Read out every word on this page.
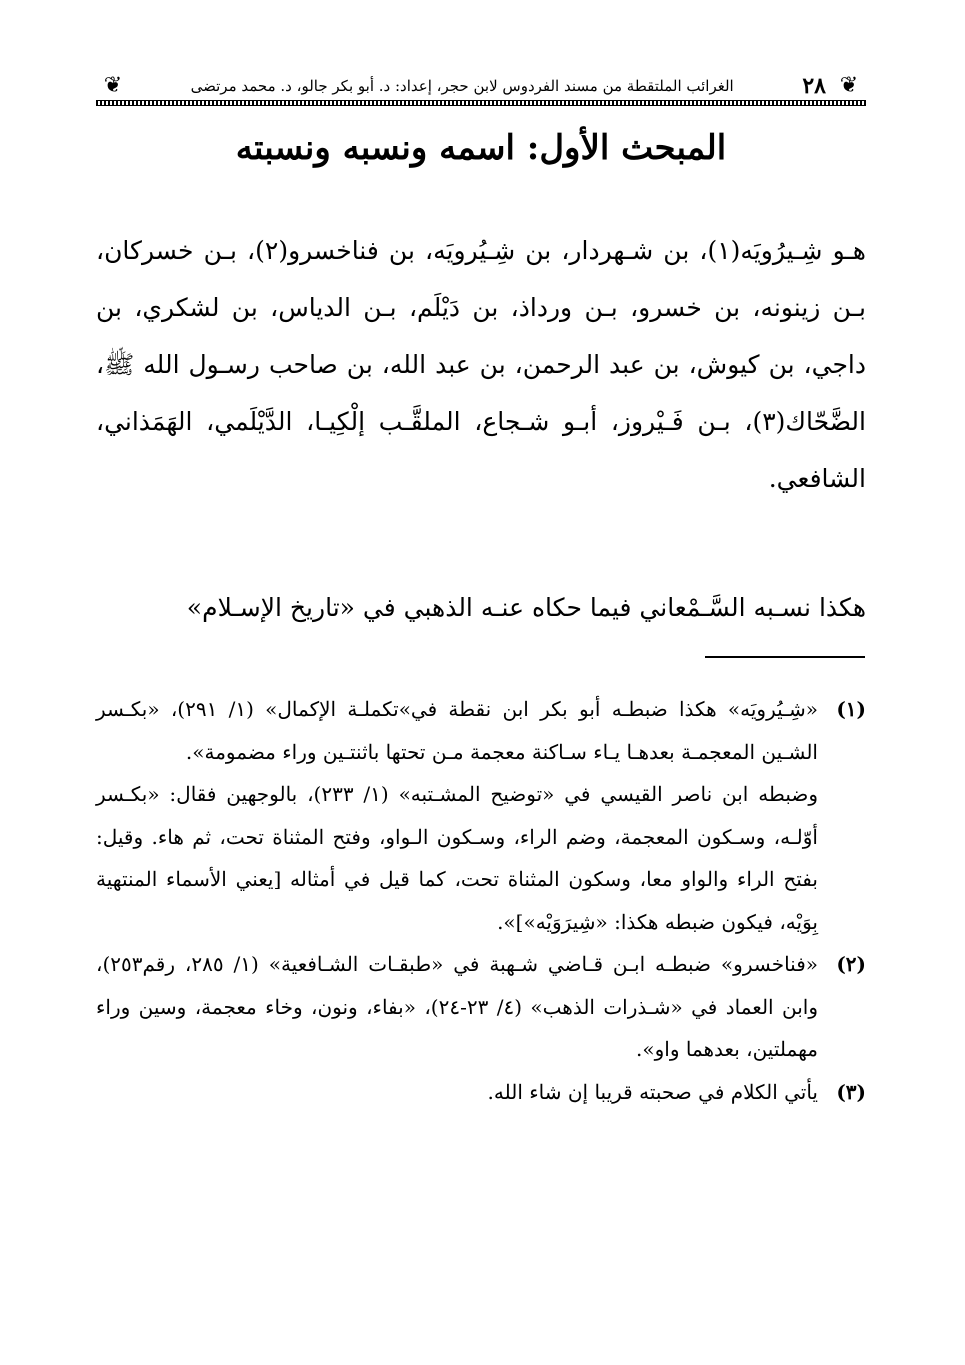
❦
٢٨
الغرائب الملتقطة من مسند الفردوس لابن حجر، إعداد: د. أبو بكر جالو، د. محمد مرتضى
❦
المبحث الأول: اسمه ونسبه ونسبته

هـو شِـيرُويَه(١)، بن شـهردار، بن شِـيُرويَه، بن فناخسرو(٢)، بـن خسركان، بـن زينونه، بن خسرو، بـن ورداذ، بن دَيْلَم، بـن الدياس، بن لشكري، بن داجي، بن كيوش، بن عبد الرحمن، بن عبد الله، بن صاحب رسـول الله ﷺ، الضَّحّاك(٣)، بـن فَـيْروز، أبـو شـجاع، الملقَّـب إلْكِيـا، الدَّيْلَمي، الهَمَذاني، الشافعي.

هكذا نسـبه السَّـمْعاني فيما حكاه عنـه الذهبي في «تاريخ الإسـلام»
(١)

«شِـيُرويَه» هكذا ضبطـه أبو بكر ابن نقطة في»تكملـة الإكمال» (١/ ٢٩١)، «بكـسر الشـين المعجمـة بعدهـا يـاء سـاكنة معجمة مـن تحتها باثنتـين وراء مضمومة».

وضبطه ابن ناصر القيسي في «توضيح المشـتبه» (١/ ٢٣٣)، بالوجهين فقال: «بكـسر أوّلـه، وسـكون المعجمة، وضم الراء، وسـكون الـواو، وفتح المثناة تحت، ثم هاء. وقيل: بفتح الراء والواو معا، وسكون المثناة تحت، كما قيل في أمثاله [يعني الأسماء المنتهية بِوَيْه، فيكون ضبطه هكذا: «شِيرَوَيْه»]».

(٢)

«فناخسرو» ضبطـه ابـن قـاضي شـهبة في «طبقـات الشـافعية» (١/ ٢٨٥، رقم٢٥٣)، وابن العماد في «شـذرات الذهب» (٤/ ٢٣-٢٤)، «بفاء، ونون، وخاء معجمة، وسين وراء مهملتين، بعدهما واو».

(٣)

يأتي الكلام في صحبته قريبا إن شاء الله.
